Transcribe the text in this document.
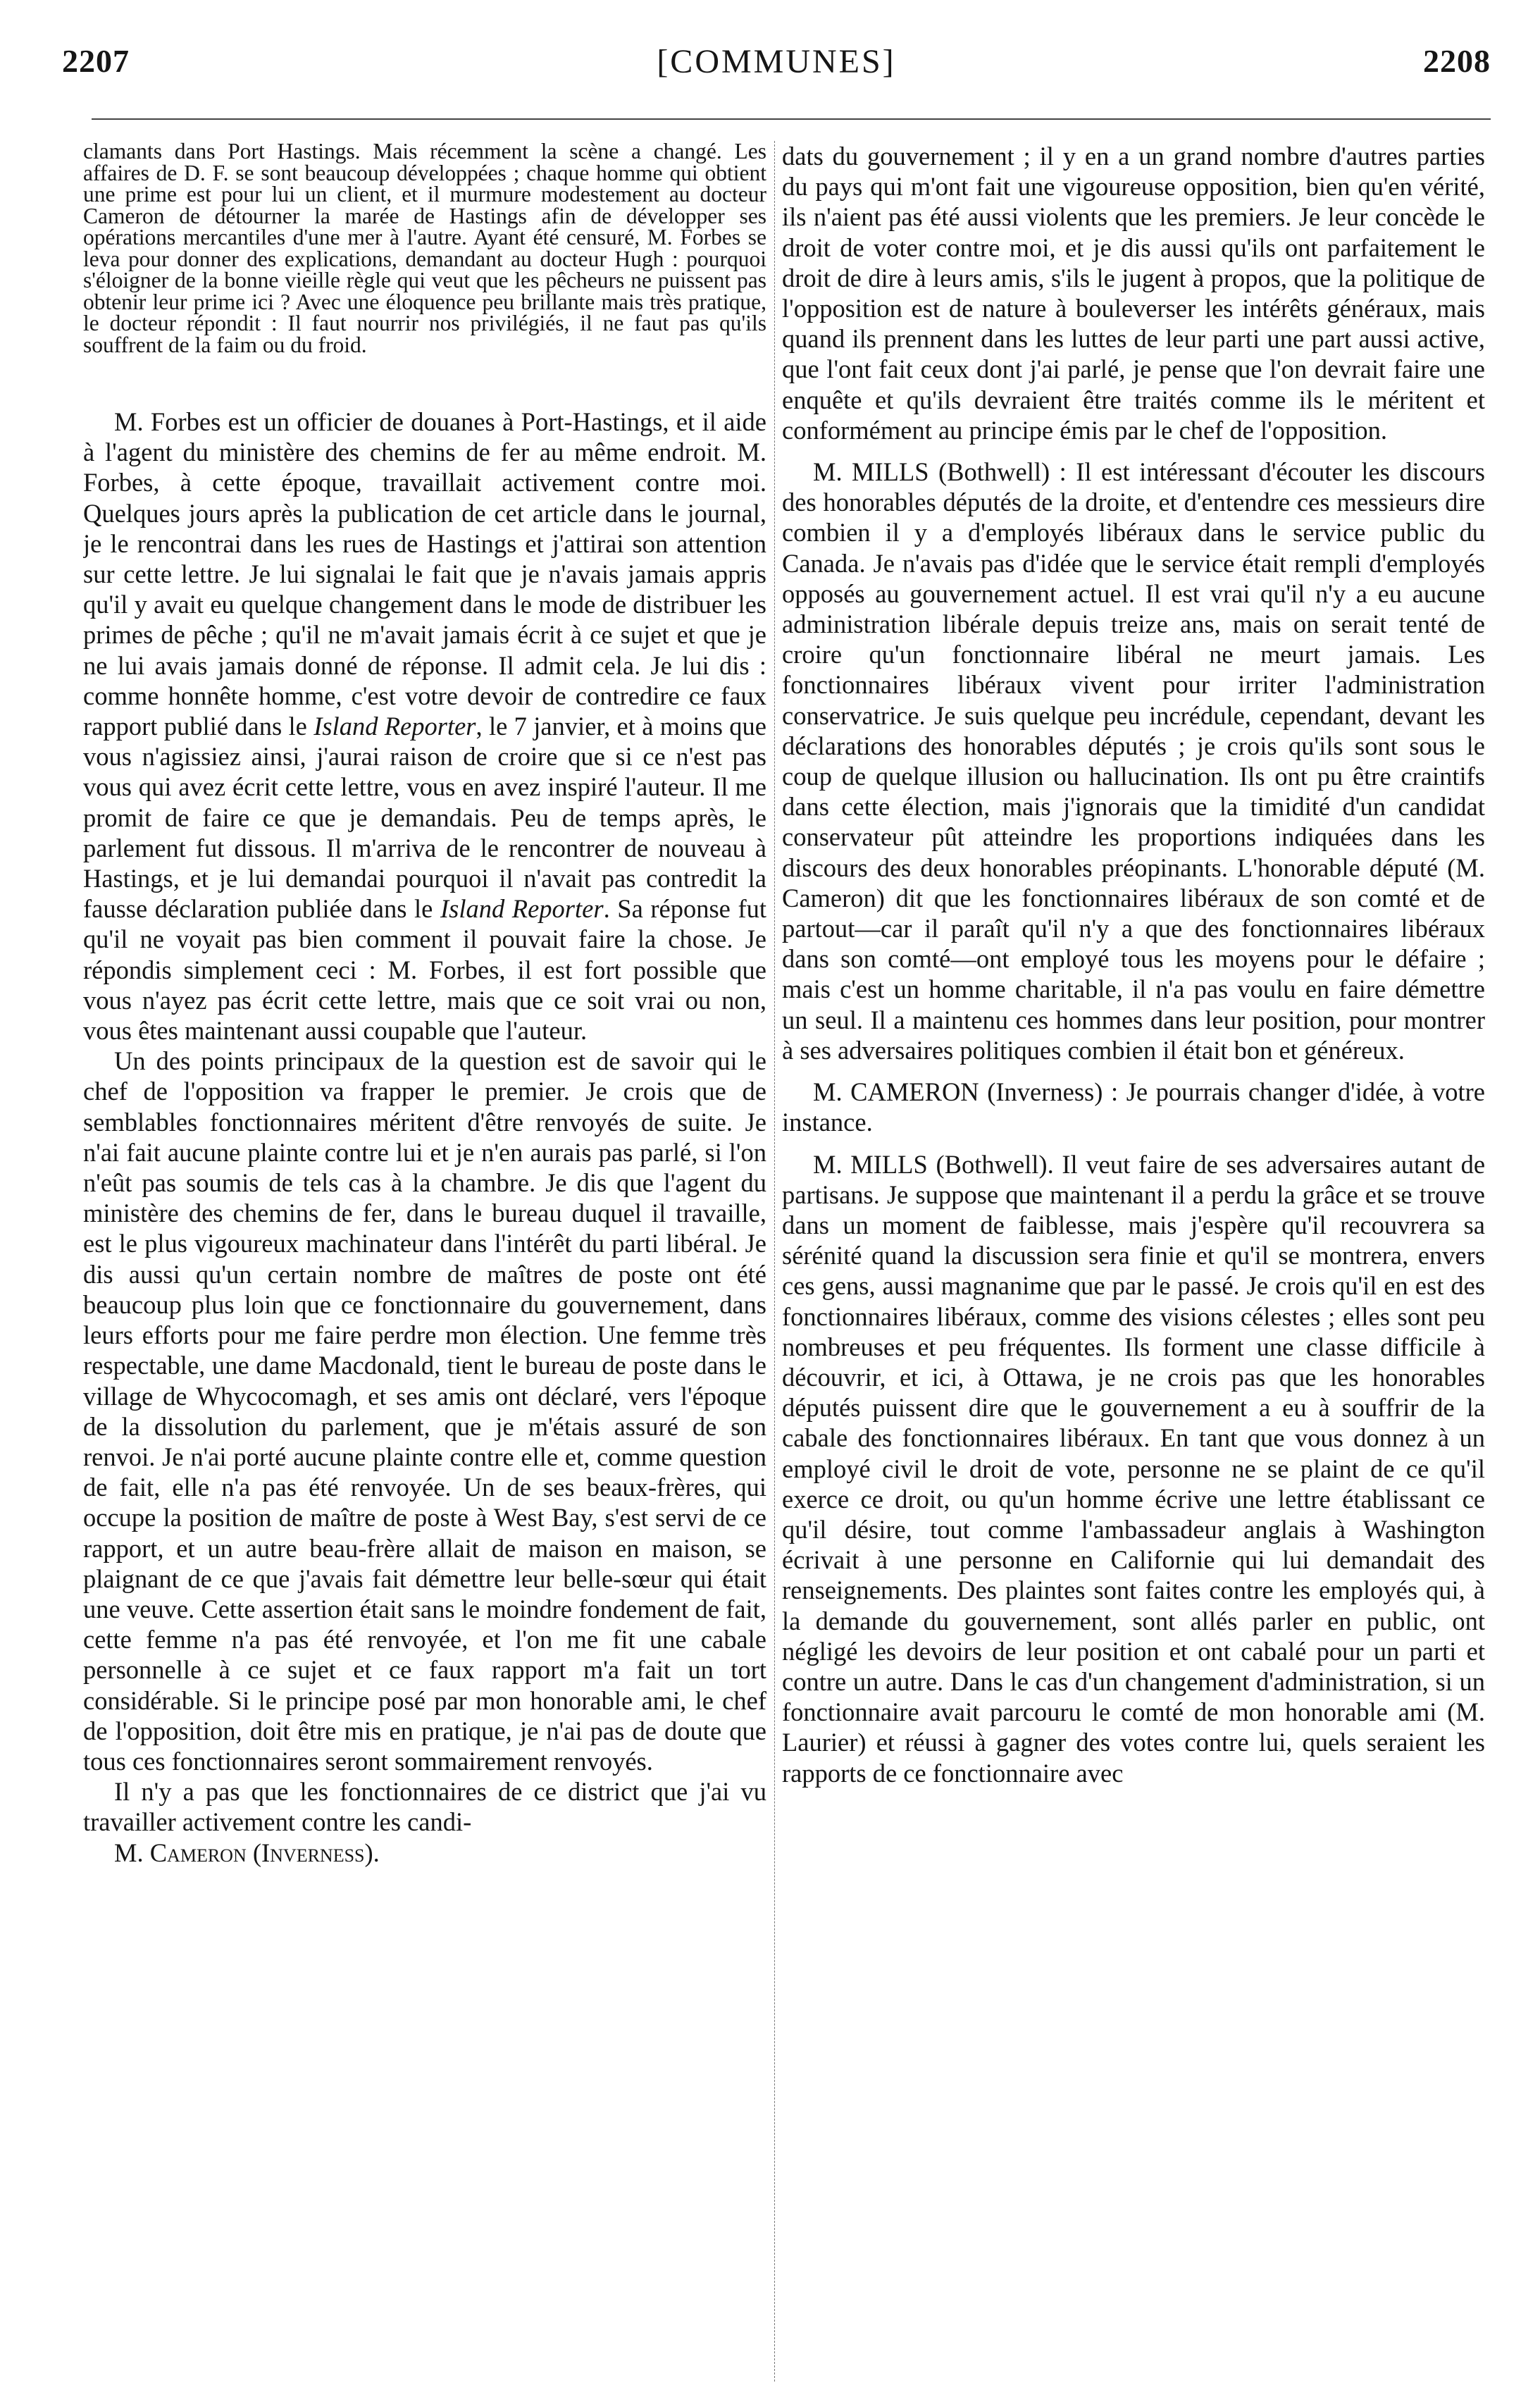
2207	[COMMUNES]	2208

clamants dans Port Hastings. Mais récemment la scène a changé. Les affaires de D. F. se sont beaucoup développées ; chaque homme qui obtient une prime est pour lui un client, et il murmure modestement au docteur Cameron de détourner la marée de Hastings afin de développer ses opérations mercantiles d'une mer à l'autre. Ayant été censuré, M. Forbes se leva pour donner des explications, demandant au docteur Hugh : pourquoi s'éloigner de la bonne vieille règle qui veut que les pêcheurs ne puissent pas obtenir leur prime ici ? Avec une éloquence peu brillante mais très pratique, le docteur répondit : Il faut nourrir nos privilégiés, il ne faut pas qu'ils souffrent de la faim ou du froid.

M. Forbes est un officier de douanes à Port-Hastings, et il aide à l'agent du ministère des chemins de fer au même endroit. M. Forbes, à cette époque, travaillait activement contre moi. Quelques jours après la publication de cet article dans le journal, je le rencontrai dans les rues de Hastings et j'attirai son attention sur cette lettre. Je lui signalai le fait que je n'avais jamais appris qu'il y avait eu quelque changement dans le mode de distribuer les primes de pêche ; qu'il ne m'avait jamais écrit à ce sujet et que je ne lui avais jamais donné de réponse. Il admit cela. Je lui dis : comme honnête homme, c'est votre devoir de contredire ce faux rapport publié dans le Island Reporter, le 7 janvier, et à moins que vous n'agissiez ainsi, j'aurai raison de croire que si ce n'est pas vous qui avez écrit cette lettre, vous en avez inspiré l'auteur. Il me promit de faire ce que je demandais. Peu de temps après, le parlement fut dissous. Il m'arriva de le rencontrer de nouveau à Hastings, et je lui demandai pourquoi il n'avait pas contredit la fausse déclaration publiée dans le Island Reporter. Sa réponse fut qu'il ne voyait pas bien comment il pouvait faire la chose. Je répondis simplement ceci : M. Forbes, il est fort possible que vous n'ayez pas écrit cette lettre, mais que ce soit vrai ou non, vous êtes maintenant aussi coupable que l'auteur.

Un des points principaux de la question est de savoir qui le chef de l'opposition va frapper le premier. Je crois que de semblables fonctionnaires méritent d'être renvoyés de suite. Je n'ai fait aucune plainte contre lui et je n'en aurais pas parlé, si l'on n'eût pas soumis de tels cas à la chambre. Je dis que l'agent du ministère des chemins de fer, dans le bureau duquel il travaille, est le plus vigoureux machinateur dans l'intérêt du parti libéral. Je dis aussi qu'un certain nombre de maîtres de poste ont été beaucoup plus loin que ce fonctionnaire du gouvernement, dans leurs efforts pour me faire perdre mon élection. Une femme très respectable, une dame Macdonald, tient le bureau de poste dans le village de Whycocomagh, et ses amis ont déclaré, vers l'époque de la dissolution du parlement, que je m'étais assuré de son renvoi. Je n'ai porté aucune plainte contre elle et, comme question de fait, elle n'a pas été renvoyée. Un de ses beaux-frères, qui occupe la position de maître de poste à West Bay, s'est servi de ce rapport, et un autre beau-frère allait de maison en maison, se plaignant de ce que j'avais fait démettre leur belle-sœur qui était une veuve. Cette assertion était sans le moindre fondement de fait, cette femme n'a pas été renvoyée, et l'on me fit une cabale personnelle à ce sujet et ce faux rapport m'a fait un tort considérable. Si le principe posé par mon honorable ami, le chef de l'opposition, doit être mis en pratique, je n'ai pas de doute que tous ces fonctionnaires seront sommairement renvoyés.

Il n'y a pas que les fonctionnaires de ce district que j'ai vu travailler activement contre les candi-

M. Cameron (Inverness).

dats du gouvernement ; il y en a un grand nombre d'autres parties du pays qui m'ont fait une vigoureuse opposition, bien qu'en vérité, ils n'aient pas été aussi violents que les premiers. Je leur concède le droit de voter contre moi, et je dis aussi qu'ils ont parfaitement le droit de dire à leurs amis, s'ils le jugent à propos, que la politique de l'opposition est de nature à bouleverser les intérêts généraux, mais quand ils prennent dans les luttes de leur parti une part aussi active, que l'ont fait ceux dont j'ai parlé, je pense que l'on devrait faire une enquête et qu'ils devraient être traités comme ils le méritent et conformément au principe émis par le chef de l'opposition.

M. MILLS (Bothwell) : Il est intéressant d'écouter les discours des honorables députés de la droite, et d'entendre ces messieurs dire combien il y a d'employés libéraux dans le service public du Canada. Je n'avais pas d'idée que le service était rempli d'employés opposés au gouvernement actuel. Il est vrai qu'il n'y a eu aucune administration libérale depuis treize ans, mais on serait tenté de croire qu'un fonctionnaire libéral ne meurt jamais. Les fonctionnaires libéraux vivent pour irriter l'administration conservatrice. Je suis quelque peu incrédule, cependant, devant les déclarations des honorables députés ; je crois qu'ils sont sous le coup de quelque illusion ou hallucination. Ils ont pu être craintifs dans cette élection, mais j'ignorais que la timidité d'un candidat conservateur pût atteindre les proportions indiquées dans les discours des deux honorables préopinants. L'honorable député (M. Cameron) dit que les fonctionnaires libéraux de son comté et de partout—car il paraît qu'il n'y a que des fonctionnaires libéraux dans son comté—ont employé tous les moyens pour le défaire ; mais c'est un homme charitable, il n'a pas voulu en faire démettre un seul. Il a maintenu ces hommes dans leur position, pour montrer à ses adversaires politiques combien il était bon et généreux.

M. CAMERON (Inverness) : Je pourrais changer d'idée, à votre instance.

M. MILLS (Bothwell). Il veut faire de ses adversaires autant de partisans. Je suppose que maintenant il a perdu la grâce et se trouve dans un moment de faiblesse, mais j'espère qu'il recouvrera sa sérénité quand la discussion sera finie et qu'il se montrera, envers ces gens, aussi magnanime que par le passé. Je crois qu'il en est des fonctionnaires libéraux, comme des visions célestes ; elles sont peu nombreuses et peu fréquentes. Ils forment une classe difficile à découvrir, et ici, à Ottawa, je ne crois pas que les honorables députés puissent dire que le gouvernement a eu à souffrir de la cabale des fonctionnaires libéraux. En tant que vous donnez à un employé civil le droit de vote, personne ne se plaint de ce qu'il exerce ce droit, ou qu'un homme écrive une lettre établissant ce qu'il désire, tout comme l'ambassadeur anglais à Washington écrivait à une personne en Californie qui lui demandait des renseignements. Des plaintes sont faites contre les employés qui, à la demande du gouvernement, sont allés parler en public, ont négligé les devoirs de leur position et ont cabalé pour un parti et contre un autre. Dans le cas d'un changement d'administration, si un fonctionnaire avait parcouru le comté de mon honorable ami (M. Laurier) et réussi à gagner des votes contre lui, quels seraient les rapports de ce fonctionnaire avec
